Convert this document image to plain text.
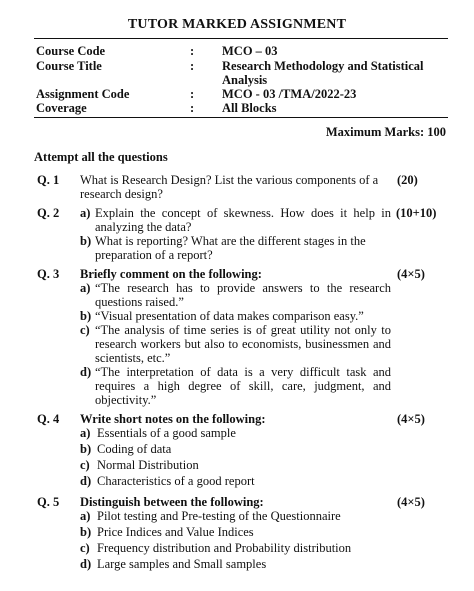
TUTOR MARKED ASSIGNMENT
Course Code	: MCO – 03
Course Title	: Research Methodology and Statistical
Analysis
Assignment Code	: MCO - 03 /TMA/2022-23
Coverage	: All Blocks
Maximum Marks: 100
Attempt all the questions
Q. 1 What is Research Design? List the various components of a
research design?
(20)
Q. 2	(10+10)
a) Explain the concept of skewness. How does it help in
analyzing the data?
b) What is reporting? What are the different stages in the
preparation of a report?
Q. 3 Briefly comment on the following:	(4×5)
a) “The research has to provide answers to the research
questions raised.”
b) “Visual presentation of data makes comparison easy.”
c) “The analysis of time series is of great utility not only to
research workers but also to economists, businessmen and
scientists, etc.”
d) “The interpretation of data is a very difficult task and
requires a high degree of skill, care, judgment, and
objectivity.”
Q. 4 Write short notes on the following:	(4×5)
a) Essentials of a good sample
b) Coding of data
c) Normal Distribution
d) Characteristics of a good report
Q. 5 Distinguish between the following:	(4×5)
a) Pilot testing and Pre-testing of the Questionnaire
b) Price Indices and Value Indices
c) Frequency distribution and Probability distribution
d) Large samples and Small samples
